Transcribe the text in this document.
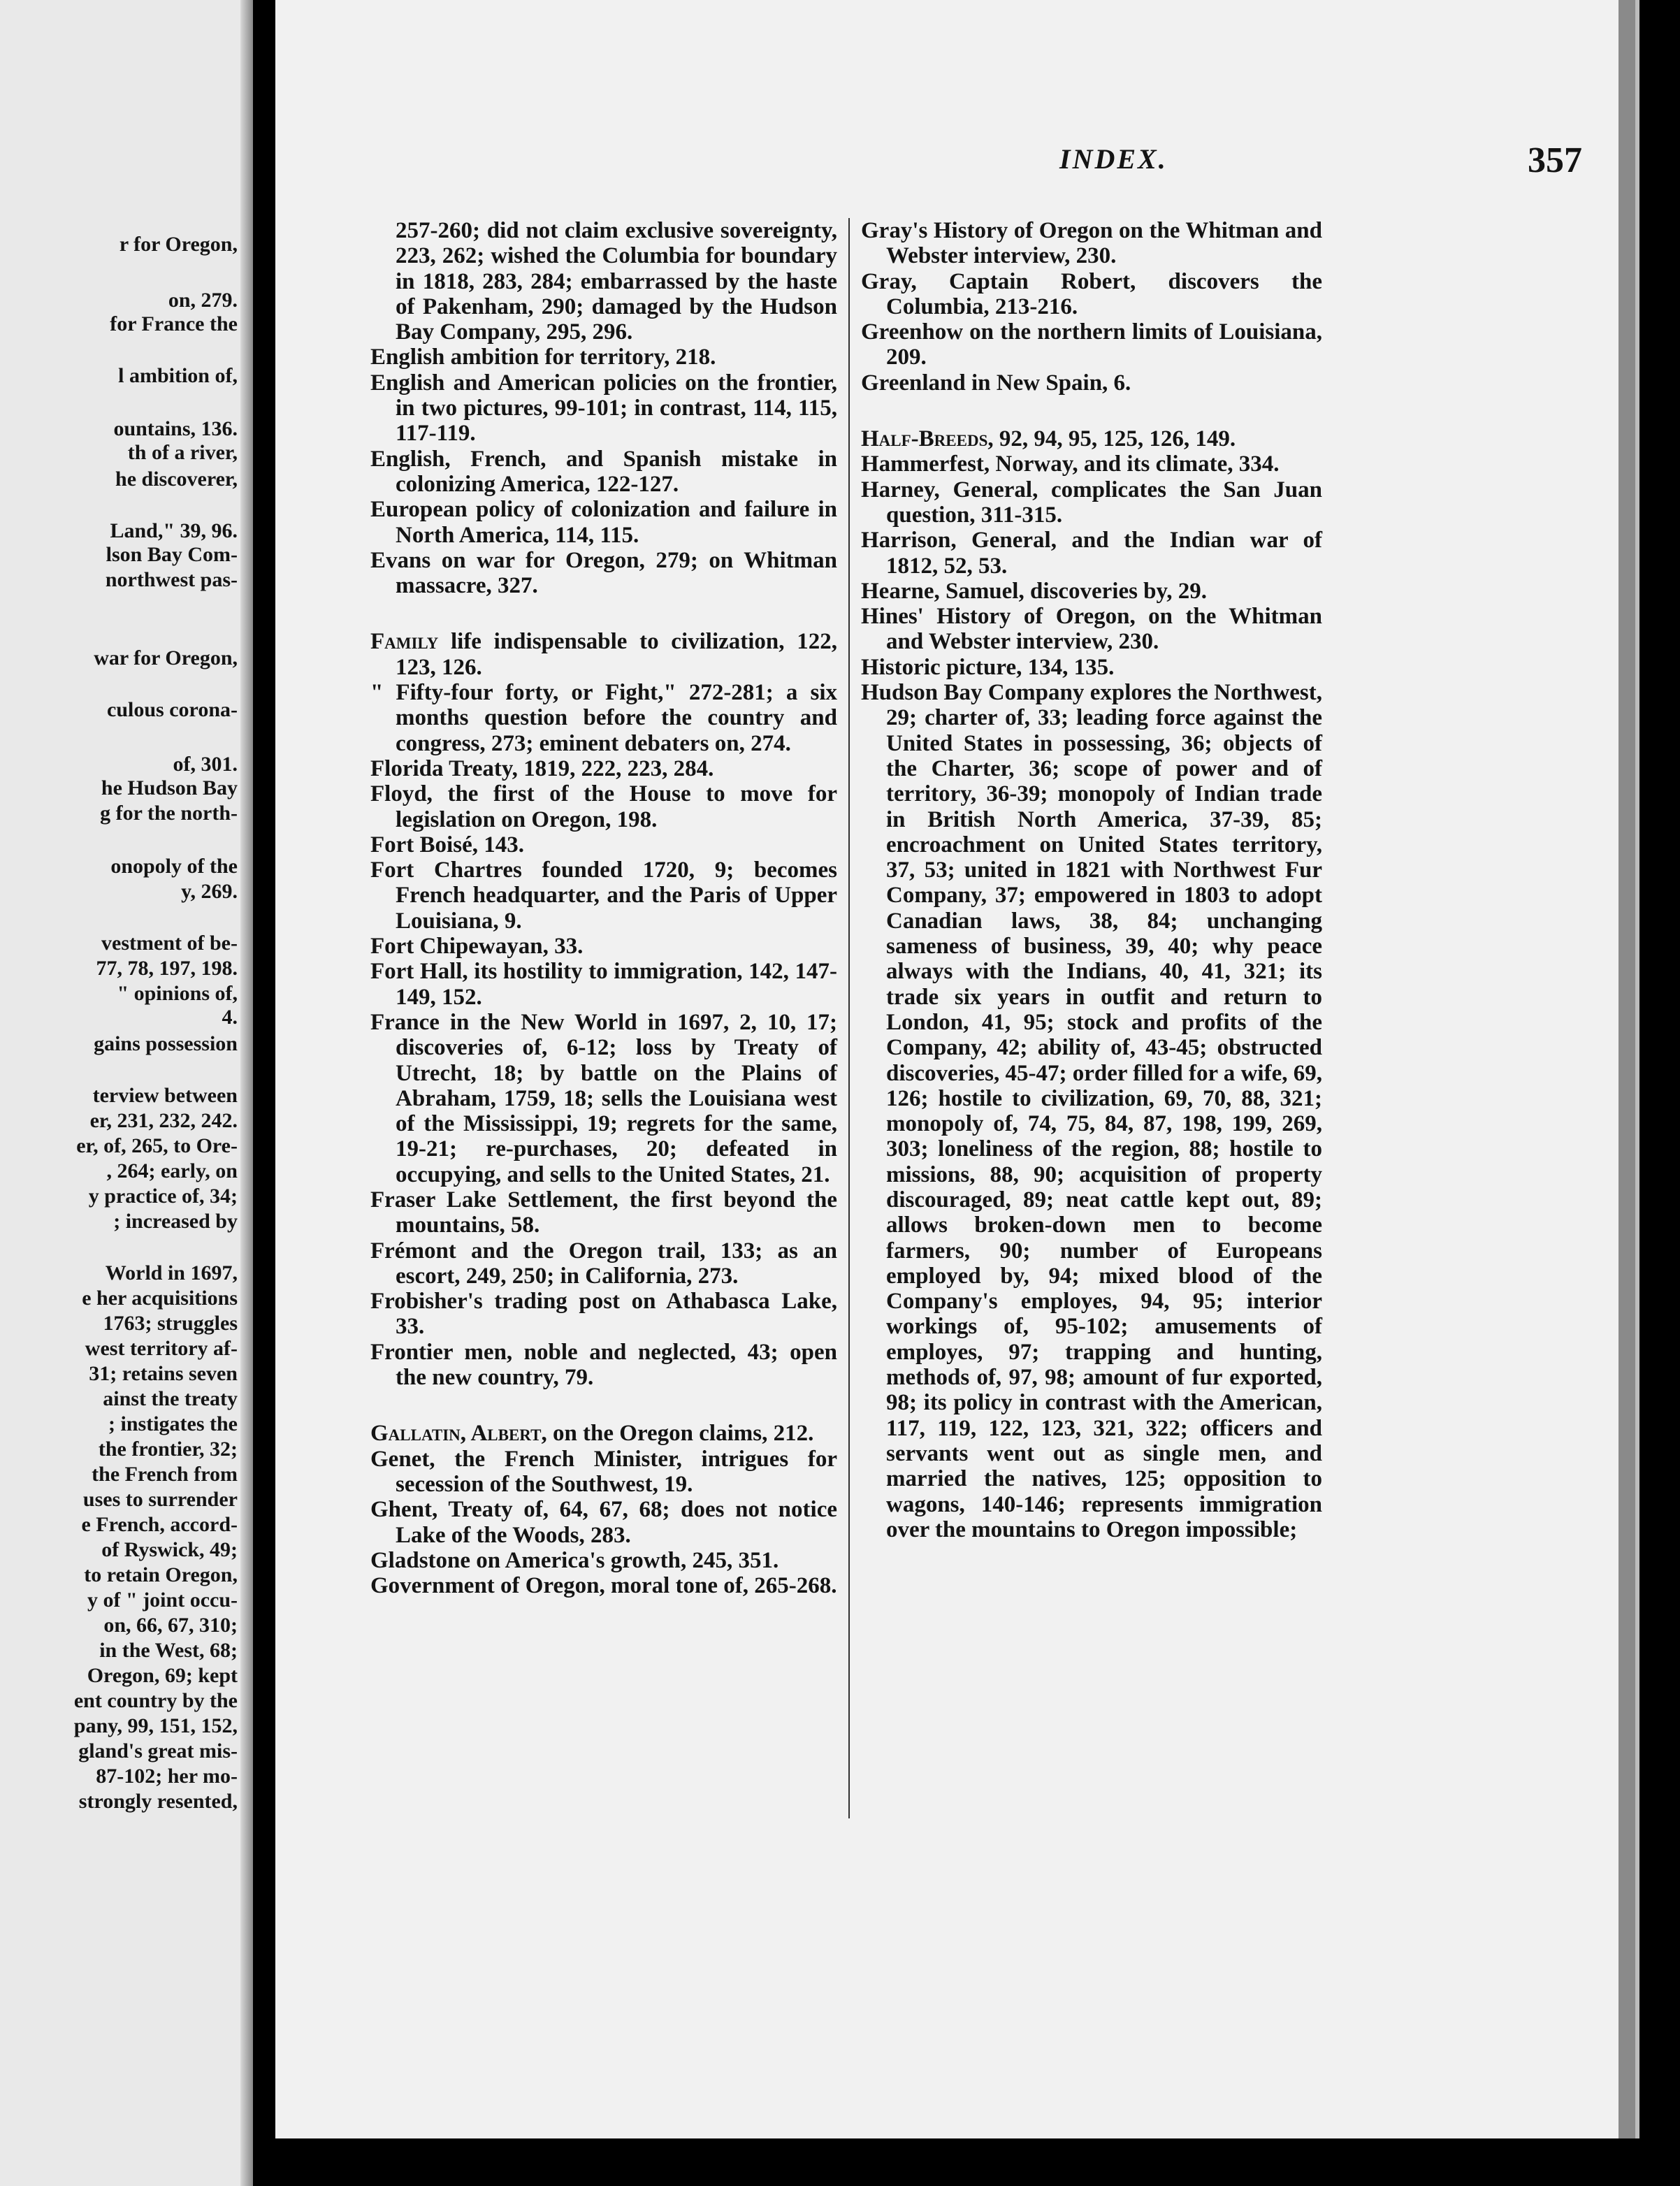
r for Oregon,
on, 279.
for France the
l ambition of,
ountains, 136.
th of a river,
he discoverer,
Land," 39, 96.
lson Bay Com-
northwest pas-
war for Oregon,
culous corona-
of, 301.
he Hudson Bay
g for the north-
onopoly of the
y, 269.
vestment of be-
77, 78, 197, 198.
" opinions of,
4.
gains possession
terview between
er, 231, 232, 242.
er, of, 265, to Ore-
, 264; early, on
y practice of, 34;
; increased by
World in 1697,
e her acquisitions
1763; struggles
west territory af-
31; retains seven
ainst the treaty
; instigates the
the frontier, 32;
the French from
uses to surrender
e French, accord-
of Ryswick, 49;
to retain Oregon,
y of " joint occu-
on, 66, 67, 310;
in the West, 68;
Oregon, 69; kept
ent country by the
pany, 99, 151, 152,
gland's great mis-
87-102; her mo-
strongly resented,
INDEX.	357
257-260; did not claim exclusive sovereignty, 223, 262; wished the Columbia for boundary in 1818, 283, 284; embarrassed by the haste of Pakenham, 290; damaged by the Hudson Bay Company, 295, 296.
English ambition for territory, 218.
English and American policies on the frontier, in two pictures, 99-101; in contrast, 114, 115, 117-119.
English, French, and Spanish mistake in colonizing America, 122-127.
European policy of colonization and failure in North America, 114, 115.
Evans on war for Oregon, 279; on Whitman massacre, 327.
Family life indispensable to civilization, 122, 123, 126.
" Fifty-four forty, or Fight," 272-281; a six months question before the country and congress, 273; eminent debaters on, 274.
Florida Treaty, 1819, 222, 223, 284.
Floyd, the first of the House to move for legislation on Oregon, 198.
Fort Boisé, 143.
Fort Chartres founded 1720, 9; becomes French headquarter, and the Paris of Upper Louisiana, 9.
Fort Chipewayan, 33.
Fort Hall, its hostility to immigration, 142, 147-149, 152.
France in the New World in 1697, 2, 10, 17; discoveries of, 6-12; loss by Treaty of Utrecht, 18; by battle on the Plains of Abraham, 1759, 18; sells the Louisiana west of the Mississippi, 19; regrets for the same, 19-21; re-purchases, 20; defeated in occupying, and sells to the United States, 21.
Fraser Lake Settlement, the first beyond the mountains, 58.
Frémont and the Oregon trail, 133; as an escort, 249, 250; in California, 273.
Frobisher's trading post on Athabasca Lake, 33.
Frontier men, noble and neglected, 43; open the new country, 79.
Gallatin, Albert, on the Oregon claims, 212.
Genet, the French Minister, intrigues for secession of the Southwest, 19.
Ghent, Treaty of, 64, 67, 68; does not notice Lake of the Woods, 283.
Gladstone on America's growth, 245, 351.
Government of Oregon, moral tone of, 265-268.
Gray's History of Oregon on the Whitman and Webster interview, 230.
Gray, Captain Robert, discovers the Columbia, 213-216.
Greenhow on the northern limits of Louisiana, 209.
Greenland in New Spain, 6.
Half-Breeds, 92, 94, 95, 125, 126, 149.
Hammerfest, Norway, and its climate, 334.
Harney, General, complicates the San Juan question, 311-315.
Harrison, General, and the Indian war of 1812, 52, 53.
Hearne, Samuel, discoveries by, 29.
Hines' History of Oregon, on the Whitman and Webster interview, 230.
Historic picture, 134, 135.
Hudson Bay Company explores the Northwest, 29; charter of, 33; leading force against the United States in possessing, 36; objects of the Charter, 36; scope of power and of territory, 36-39; monopoly of Indian trade in British North America, 37-39, 85; encroachment on United States territory, 37, 53; united in 1821 with Northwest Fur Company, 37; empowered in 1803 to adopt Canadian laws, 38, 84; unchanging sameness of business, 39, 40; why peace always with the Indians, 40, 41, 321; its trade six years in outfit and return to London, 41, 95; stock and profits of the Company, 42; ability of, 43-45; obstructed discoveries, 45-47; order filled for a wife, 69, 126; hostile to civilization, 69, 70, 88, 321; monopoly of, 74, 75, 84, 87, 198, 199, 269, 303; loneliness of the region, 88; hostile to missions, 88, 90; acquisition of property discouraged, 89; neat cattle kept out, 89; allows broken-down men to become farmers, 90; number of Europeans employed by, 94; mixed blood of the Company's employes, 94, 95; interior workings of, 95-102; amusements of employes, 97; trapping and hunting, methods of, 97, 98; amount of fur exported, 98; its policy in contrast with the American, 117, 119, 122, 123, 321, 322; officers and servants went out as single men, and married the natives, 125; opposition to wagons, 140-146; represents immigration over the mountains to Oregon impossible;
